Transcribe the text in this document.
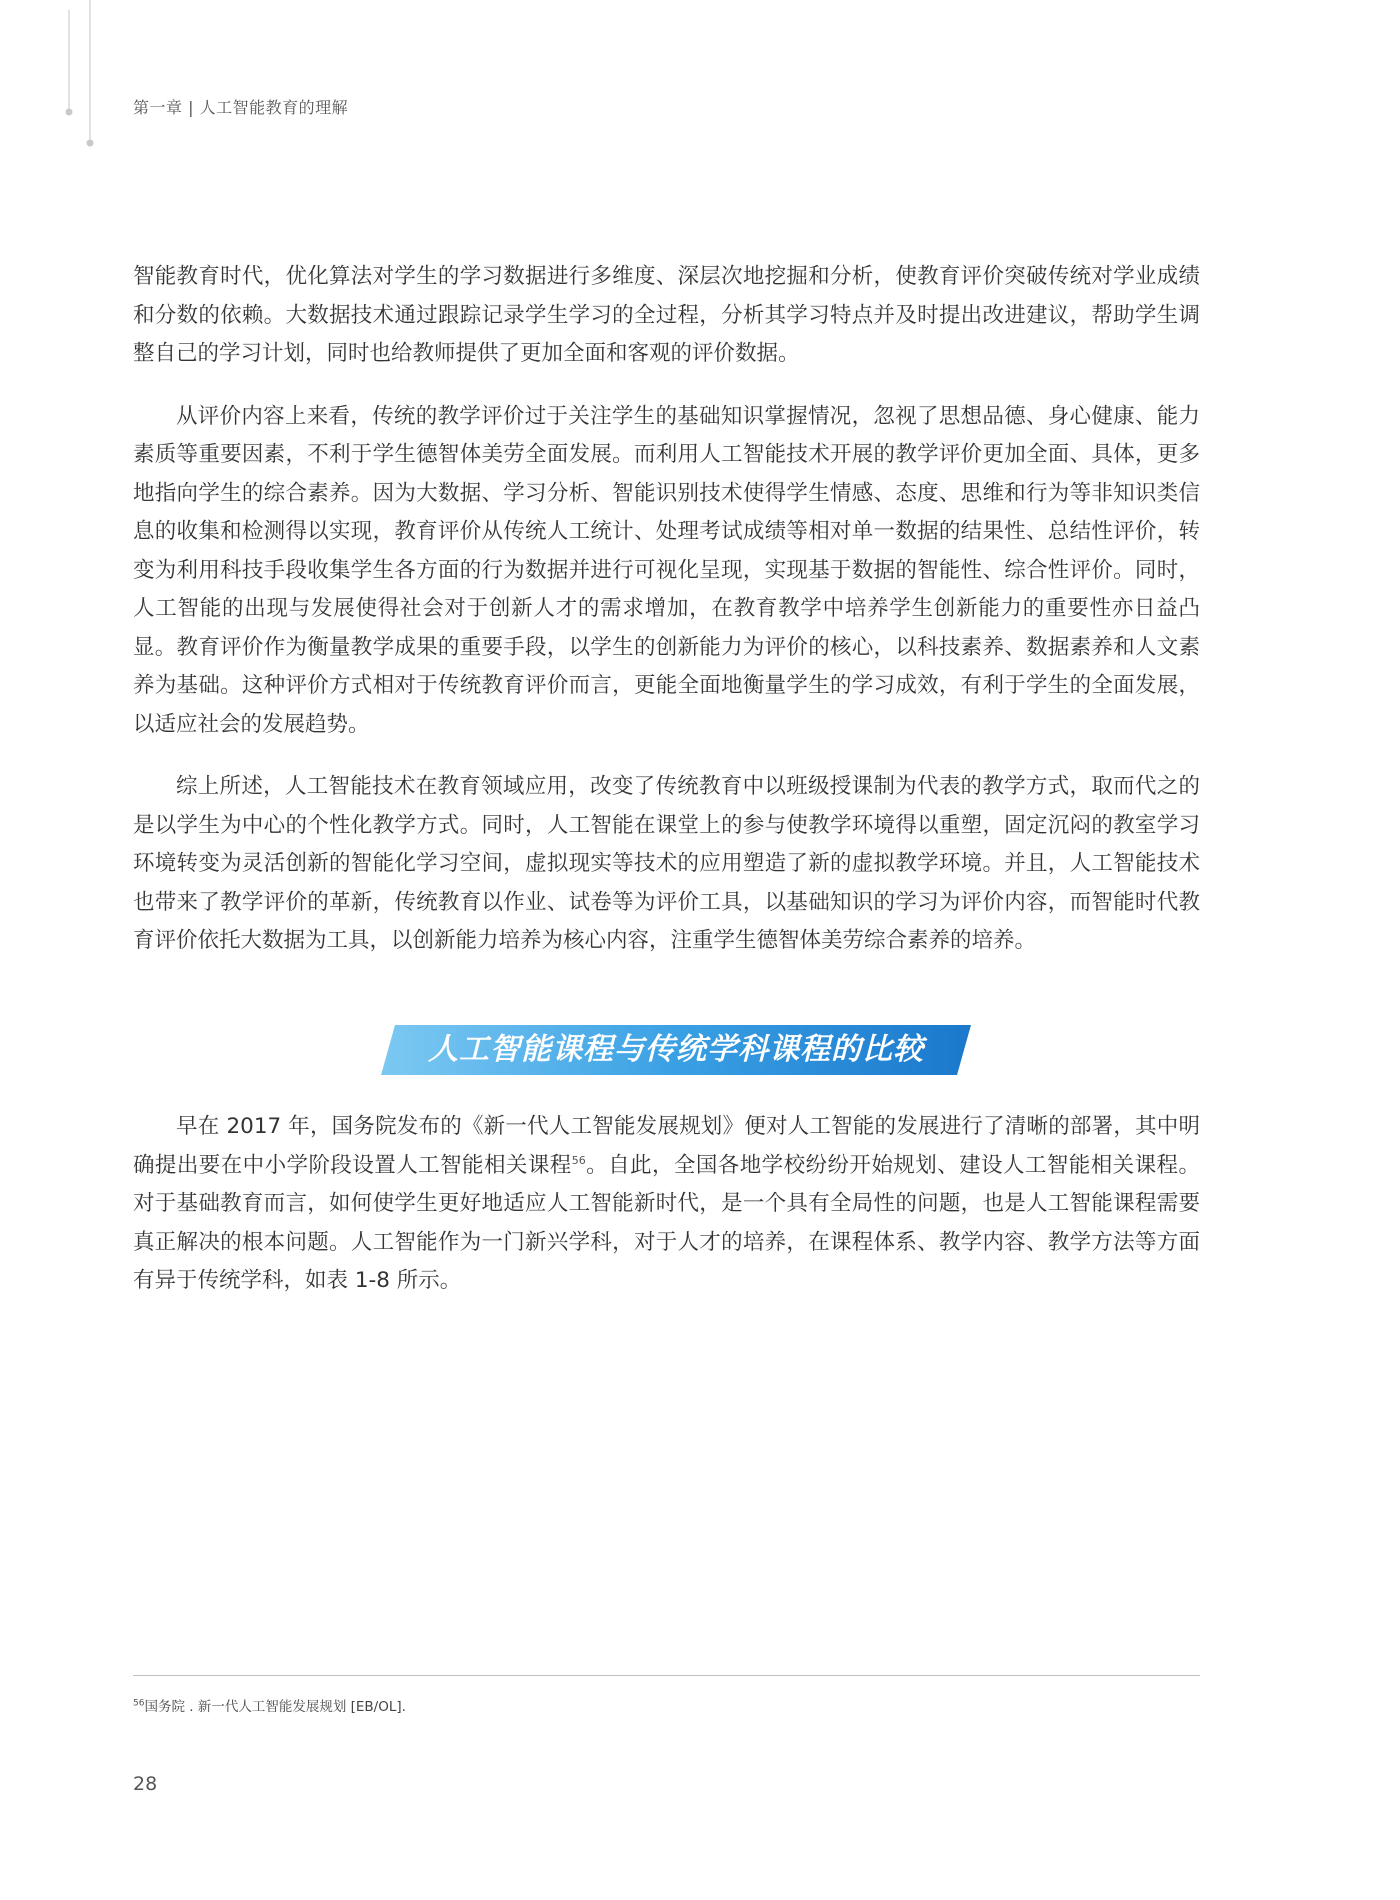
第一章 | 人工智能教育的理解

智能教育时代，优化算法对学生的学习数据进行多维度、深层次地挖掘和分析，使教育评价突破传统对学业成绩和分数的依赖。大数据技术通过跟踪记录学生学习的全过程，分析其学习特点并及时提出改进建议，帮助学生调整自己的学习计划，同时也给教师提供了更加全面和客观的评价数据。

从评价内容上来看，传统的教学评价过于关注学生的基础知识掌握情况，忽视了思想品德、身心健康、能力素质等重要因素，不利于学生德智体美劳全面发展。而利用人工智能技术开展的教学评价更加全面、具体，更多地指向学生的综合素养。因为大数据、学习分析、智能识别技术使得学生情感、态度、思维和行为等非知识类信息的收集和检测得以实现，教育评价从传统人工统计、处理考试成绩等相对单一数据的结果性、总结性评价，转变为利用科技手段收集学生各方面的行为数据并进行可视化呈现，实现基于数据的智能性、综合性评价。同时，人工智能的出现与发展使得社会对于创新人才的需求增加，在教育教学中培养学生创新能力的重要性亦日益凸显。教育评价作为衡量教学成果的重要手段，以学生的创新能力为评价的核心，以科技素养、数据素养和人文素养为基础。这种评价方式相对于传统教育评价而言，更能全面地衡量学生的学习成效，有利于学生的全面发展，以适应社会的发展趋势。

综上所述，人工智能技术在教育领域应用，改变了传统教育中以班级授课制为代表的教学方式，取而代之的是以学生为中心的个性化教学方式。同时，人工智能在课堂上的参与使教学环境得以重塑，固定沉闷的教室学习环境转变为灵活创新的智能化学习空间，虚拟现实等技术的应用塑造了新的虚拟教学环境。并且，人工智能技术也带来了教学评价的革新，传统教育以作业、试卷等为评价工具，以基础知识的学习为评价内容，而智能时代教育评价依托大数据为工具，以创新能力培养为核心内容，注重学生德智体美劳综合素养的培养。

人工智能课程与传统学科课程的比较

早在 2017 年，国务院发布的《新一代人工智能发展规划》便对人工智能的发展进行了清晰的部署，其中明确提出要在中小学阶段设置人工智能相关课程$^{56}$。自此，全国各地学校纷纷开始规划、建设人工智能相关课程。对于基础教育而言，如何使学生更好地适应人工智能新时代，是一个具有全局性的问题，也是人工智能课程需要真正解决的根本问题。人工智能作为一门新兴学科，对于人才的培养，在课程体系、教学内容、教学方法等方面有异于传统学科，如表 1-8 所示。

$^{56}$国务院 . 新一代人工智能发展规划 [EB/OL].
28
